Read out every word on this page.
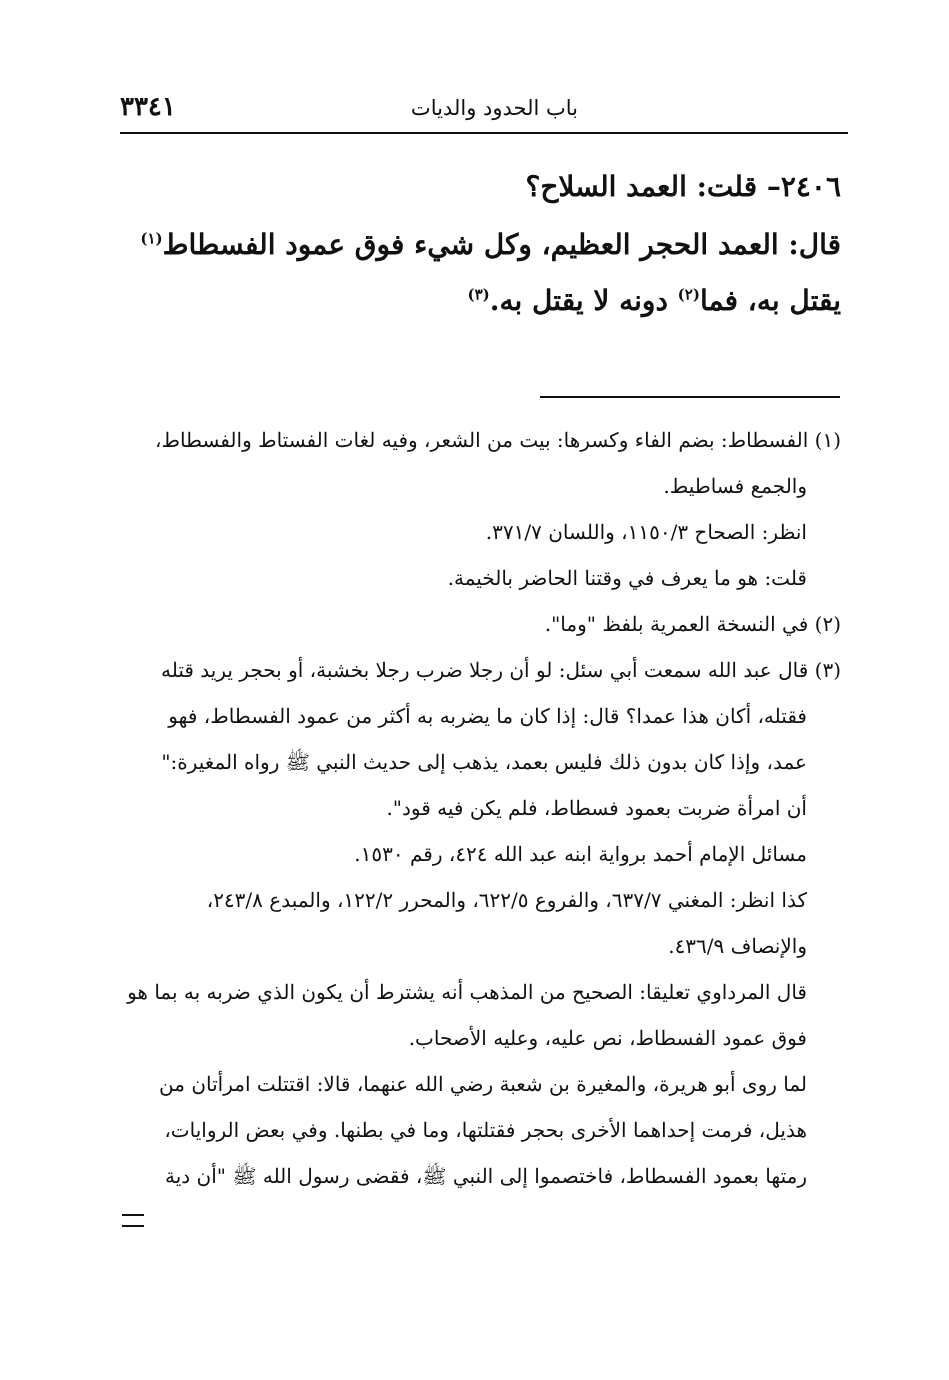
٣٣٤١	باب الحدود والديات
٢٤٠٦– قلت: العمد السلاح؟
قال: العمد الحجر العظيم، وكل شيء فوق عمود الفسطاط$^{(١)}$
يقتل به، فما$^{(٢)}$ دونه لا يقتل به.$^{(٣)}$
(١) الفسطاط: بضم الفاء وكسرها: بيت من الشعر، وفيه لغات الفستاط والفسطاط،
والجمع فساطيط.
انظر: الصحاح ١١٥٠/٣، واللسان ٣٧١/٧.
قلت: هو ما يعرف في وقتنا الحاضر بالخيمة.
(٢) في النسخة العمرية بلفظ "وما".
(٣) قال عبد الله سمعت أبي سئل: لو أن رجلا ضرب رجلا بخشبة، أو بحجر يريد قتله
فقتله، أكان هذا عمدا؟ قال: إذا كان ما يضربه به أكثر من عمود الفسطاط، فهو
عمد، وإذا كان بدون ذلك فليس بعمد، يذهب إلى حديث النبي ﷺ رواه المغيرة:"
أن امرأة ضربت بعمود فسطاط، فلم يكن فيه قود".
مسائل الإمام أحمد برواية ابنه عبد الله ٤٢٤، رقم ١٥٣٠.
كذا انظر: المغني ٦٣٧/٧، والفروع ٦٢٢/٥، والمحرر ١٢٢/٢، والمبدع ٢٤٣/٨،
والإنصاف ٤٣٦/٩.
قال المرداوي تعليقا: الصحيح من المذهب أنه يشترط أن يكون الذي ضربه به بما هو
فوق عمود الفسطاط، نص عليه، وعليه الأصحاب.
لما روى أبو هريرة، والمغيرة بن شعبة رضي الله عنهما، قالا: اقتتلت امرأتان من
هذيل، فرمت إحداهما الأخرى بحجر فقتلتها، وما في بطنها. وفي بعض الروايات،
رمتها بعمود الفسطاط، فاختصموا إلى النبي ﷺ، فقضى رسول الله ﷺ "أن دية
